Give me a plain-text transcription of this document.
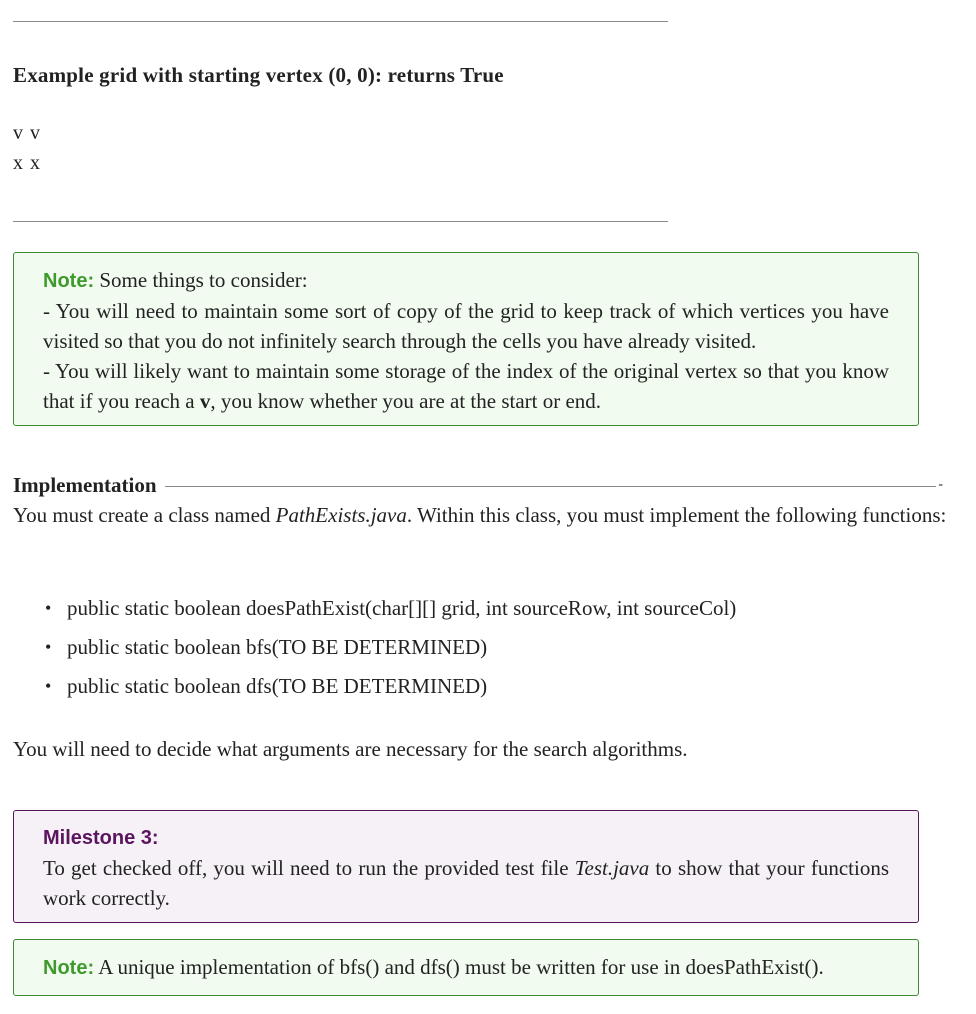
Example grid with starting vertex (0, 0): returns True
v v
x x
Note: Some things to consider:
- You will need to maintain some sort of copy of the grid to keep track of which vertices you have visited so that you do not infinitely search through the cells you have already visited.
- You will likely want to maintain some storage of the index of the original vertex so that you know that if you reach a v, you know whether you are at the start or end.
Implementation	-
You must create a class named PathExists.java. Within this class, you must implement the following functions:
• public static boolean doesPathExist(char[][] grid, int sourceRow, int sourceCol)
• public static boolean bfs(TO BE DETERMINED)
• public static boolean dfs(TO BE DETERMINED)
You will need to decide what arguments are necessary for the search algorithms.
Milestone 3:
To get checked off, you will need to run the provided test file Test.java to show that your functions work correctly.
Note: A unique implementation of bfs() and dfs() must be written for use in doesPathExist().
